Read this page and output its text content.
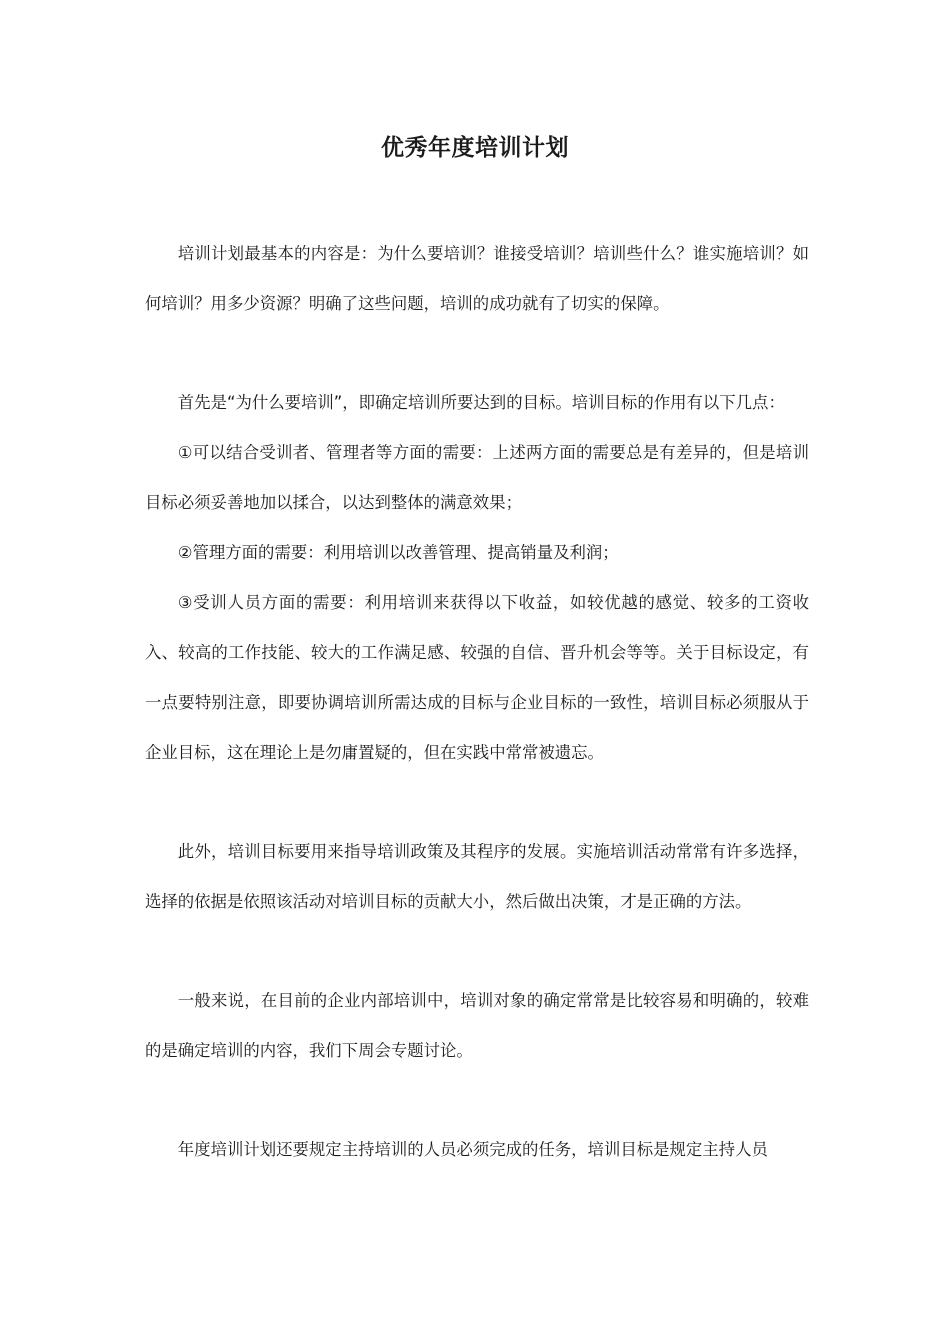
优秀年度培训计划

培训计划最基本的内容是：为什么要培训？谁接受培训？培训些什么？谁实施培训？如何培训？用多少资源？明确了这些问题，培训的成功就有了切实的保障。

首先是“为什么要培训”，即确定培训所要达到的目标。培训目标的作用有以下几点：

①可以结合受训者、管理者等方面的需要：上述两方面的需要总是有差异的，但是培训目标必须妥善地加以揉合，以达到整体的满意效果；

②管理方面的需要：利用培训以改善管理、提高销量及利润；

③受训人员方面的需要：利用培训来获得以下收益，如较优越的感觉、较多的工资收入、较高的工作技能、较大的工作满足感、较强的自信、晋升机会等等。关于目标设定，有一点要特别注意，即要协调培训所需达成的目标与企业目标的一致性，培训目标必须服从于企业目标，这在理论上是勿庸置疑的，但在实践中常常被遗忘。

此外，培训目标要用来指导培训政策及其程序的发展。实施培训活动常常有许多选择，选择的依据是依照该活动对培训目标的贡献大小，然后做出决策，才是正确的方法。

一般来说，在目前的企业内部培训中，培训对象的确定常常是比较容易和明确的，较难的是确定培训的内容，我们下周会专题讨论。

年度培训计划还要规定主持培训的人员必须完成的任务，培训目标是规定主持人员
